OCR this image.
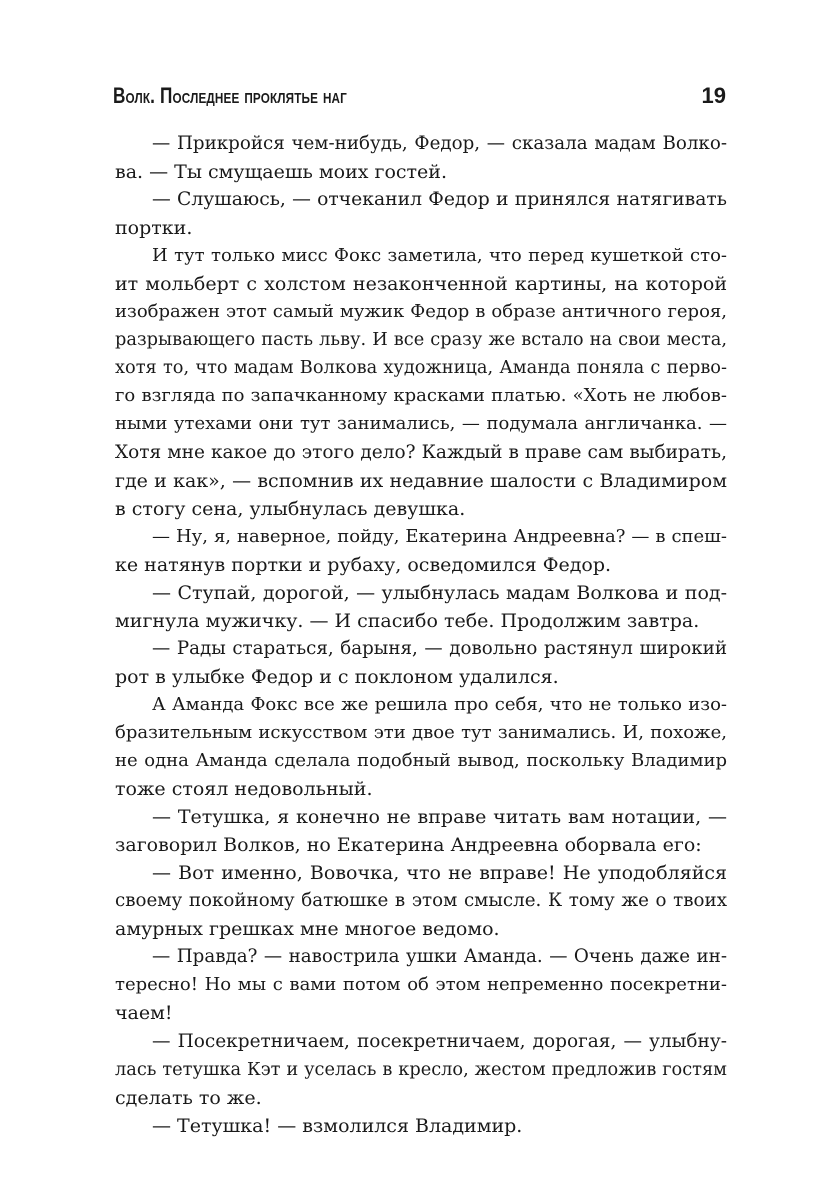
Волк. Последнее проклятье наг	19
— Прикройся чем-нибудь, Федор, — сказала мадам Волко-
ва. — Ты смущаешь моих гостей.
— Слушаюсь, — отчеканил Федор и принялся натягивать
портки.
И тут только мисс Фокс заметила, что перед кушеткой сто-
ит мольберт с холстом незаконченной картины, на которой
изображен этот самый мужик Федор в образе античного героя,
разрывающего пасть льву. И все сразу же встало на свои места,
хотя то, что мадам Волкова художница, Аманда поняла с перво-
го взгляда по запачканному красками платью. «Хоть не любов-
ными утехами они тут занимались, — подумала англичанка. —
Хотя мне какое до этого дело? Каждый в праве сам выбирать,
где и как», — вспомнив их недавние шалости с Владимиром
в стогу сена, улыбнулась девушка.
— Ну, я, наверное, пойду, Екатерина Андреевна? — в спеш-
ке натянув портки и рубаху, осведомился Федор.
— Ступай, дорогой, — улыбнулась мадам Волкова и под-
мигнула мужичку. — И спасибо тебе. Продолжим завтра.
— Рады стараться, барыня, — довольно растянул широкий
рот в улыбке Федор и с поклоном удалился.
А Аманда Фокс все же решила про себя, что не только изо-
бразительным искусством эти двое тут занимались. И, похоже,
не одна Аманда сделала подобный вывод, поскольку Владимир
тоже стоял недовольный.
— Тетушка, я конечно не вправе читать вам нотации, —
заговорил Волков, но Екатерина Андреевна оборвала его:
— Вот именно, Вовочка, что не вправе! Не уподобляйся
своему покойному батюшке в этом смысле. К тому же о твоих
амурных грешках мне многое ведомо.
— Правда? — навострила ушки Аманда. — Очень даже ин-
тересно! Но мы с вами потом об этом непременно посекретни-
чаем!
— Посекретничаем, посекретничаем, дорогая, — улыбну-
лась тетушка Кэт и уселась в кресло, жестом предложив гостям
сделать то же.
— Тетушка! — взмолился Владимир.
